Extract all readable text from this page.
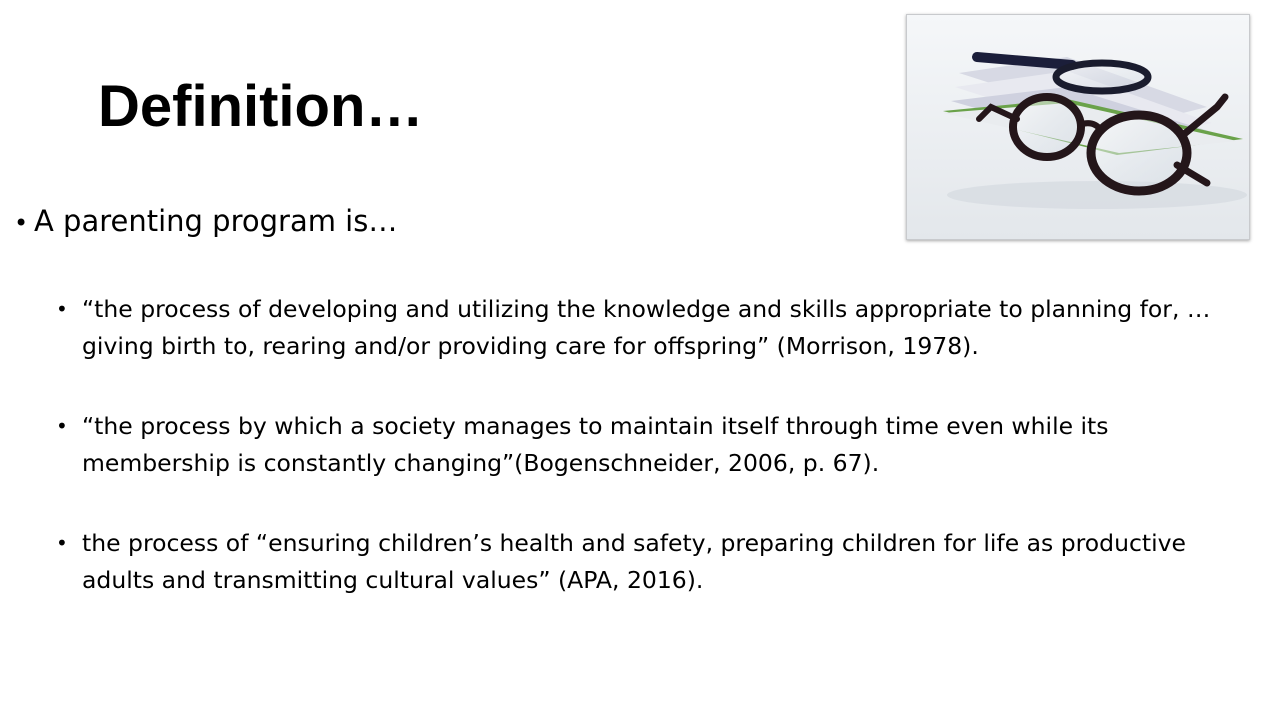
Definition…
• A parenting program is…
• “the process of developing and utilizing the knowledge and skills appropriate to planning for, … giving birth to, rearing and/or providing care for offspring” (Morrison, 1978).
• “the process by which a society manages to maintain itself through time even while its membership is constantly changing”(Bogenschneider, 2006, p. 67).
• the process of “ensuring children’s health and safety, preparing children for life as productive adults and transmitting cultural values” (APA, 2016).
